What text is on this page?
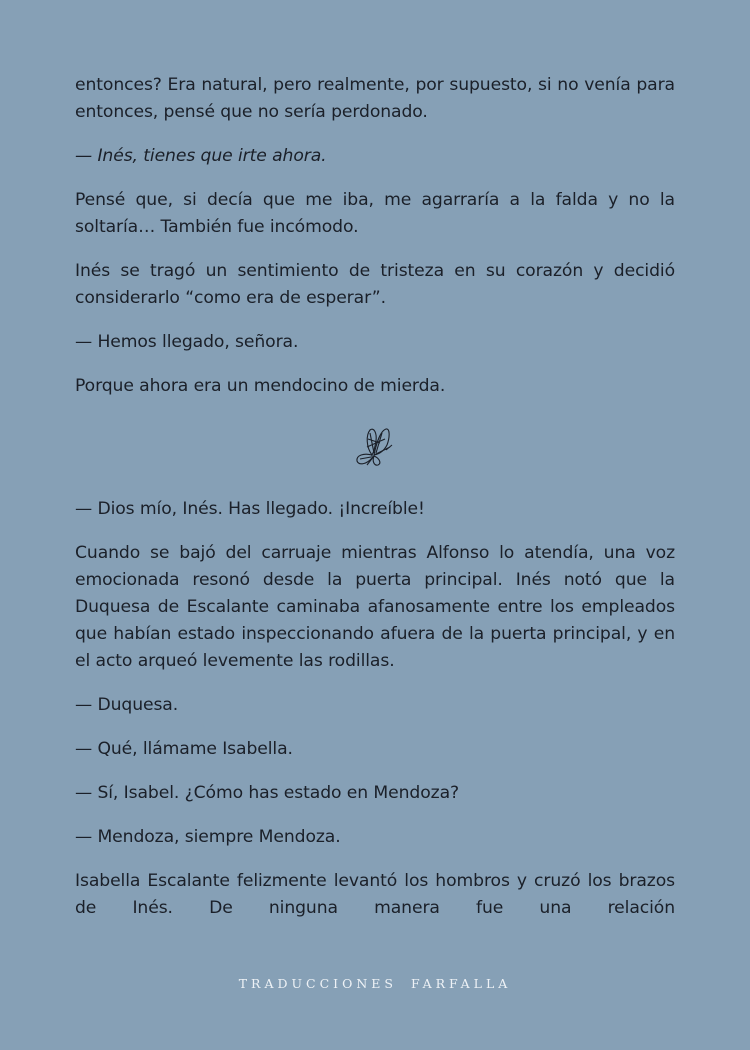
entonces? Era natural, pero realmente, por supuesto, si no venía para entonces, pensé que no sería perdonado.

— Inés, tienes que irte ahora.

Pensé que, si decía que me iba, me agarraría a la falda y no la soltaría… También fue incómodo.

Inés se tragó un sentimiento de tristeza en su corazón y decidió considerarlo “como era de esperar”.

— Hemos llegado, señora.

Porque ahora era un mendocino de mierda.

— Dios mío, Inés. Has llegado. ¡Increíble!

Cuando se bajó del carruaje mientras Alfonso lo atendía, una voz emocionada resonó desde la puerta principal. Inés notó que la Duquesa de Escalante caminaba afanosamente entre los empleados que habían estado inspeccionando afuera de la puerta principal, y en el acto arqueó levemente las rodillas.

— Duquesa.

— Qué, llámame Isabella.

— Sí, Isabel. ¿Cómo has estado en Mendoza?

— Mendoza, siempre Mendoza.

Isabella Escalante felizmente levantó los hombros y cruzó los brazos de Inés. De ninguna manera fue una relación

TRADUCCIONES FARFALLA
